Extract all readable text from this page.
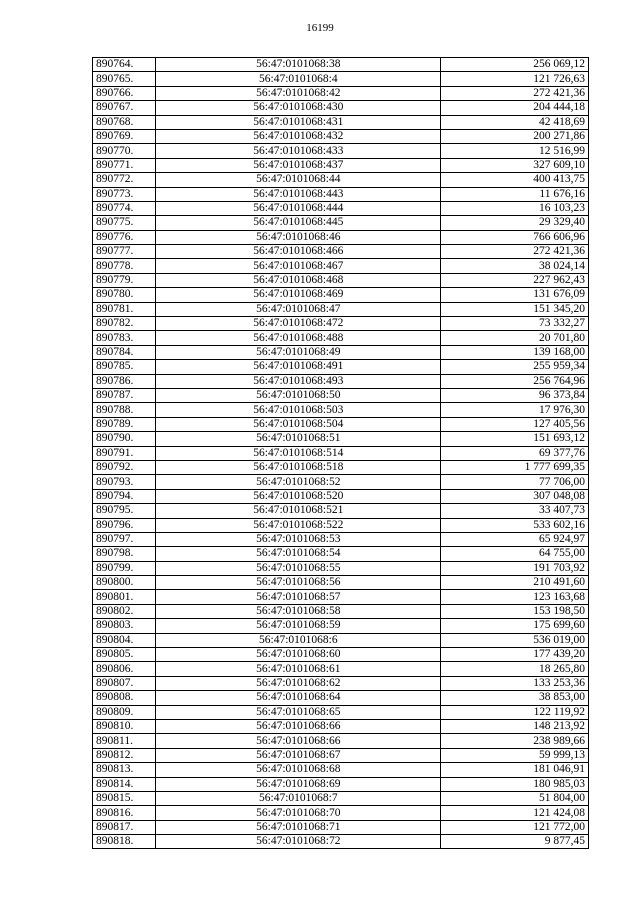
16199
890764.	56:47:0101068:38	256 069,12
890765.	56:47:0101068:4	121 726,63
890766.	56:47:0101068:42	272 421,36
890767.	56:47:0101068:430	204 444,18
890768.	56:47:0101068:431	42 418,69
890769.	56:47:0101068:432	200 271,86
890770.	56:47:0101068:433	12 516,99
890771.	56:47:0101068:437	327 609,10
890772.	56:47:0101068:44	400 413,75
890773.	56:47:0101068:443	11 676,16
890774.	56:47:0101068:444	16 103,23
890775.	56:47:0101068:445	29 329,40
890776.	56:47:0101068:46	766 606,96
890777.	56:47:0101068:466	272 421,36
890778.	56:47:0101068:467	38 024,14
890779.	56:47:0101068:468	227 962,43
890780.	56:47:0101068:469	131 676,09
890781.	56:47:0101068:47	151 345,20
890782.	56:47:0101068:472	73 332,27
890783.	56:47:0101068:488	20 701,80
890784.	56:47:0101068:49	139 168,00
890785.	56:47:0101068:491	255 959,34
890786.	56:47:0101068:493	256 764,96
890787.	56:47:0101068:50	96 373,84
890788.	56:47:0101068:503	17 976,30
890789.	56:47:0101068:504	127 405,56
890790.	56:47:0101068:51	151 693,12
890791.	56:47:0101068:514	69 377,76
890792.	56:47:0101068:518	1 777 699,35
890793.	56:47:0101068:52	77 706,00
890794.	56:47:0101068:520	307 048,08
890795.	56:47:0101068:521	33 407,73
890796.	56:47:0101068:522	533 602,16
890797.	56:47:0101068:53	65 924,97
890798.	56:47:0101068:54	64 755,00
890799.	56:47:0101068:55	191 703,92
890800.	56:47:0101068:56	210 491,60
890801.	56:47:0101068:57	123 163,68
890802.	56:47:0101068:58	153 198,50
890803.	56:47:0101068:59	175 699,60
890804.	56:47:0101068:6	536 019,00
890805.	56:47:0101068:60	177 439,20
890806.	56:47:0101068:61	18 265,80
890807.	56:47:0101068:62	133 253,36
890808.	56:47:0101068:64	38 853,00
890809.	56:47:0101068:65	122 119,92
890810.	56:47:0101068:66	148 213,92
890811.	56:47:0101068:66	238 989,66
890812.	56:47:0101068:67	59 999,13
890813.	56:47:0101068:68	181 046,91
890814.	56:47:0101068:69	180 985,03
890815.	56:47:0101068:7	51 804,00
890816.	56:47:0101068:70	121 424,08
890817.	56:47:0101068:71	121 772,00
890818.	56:47:0101068:72	9 877,45
